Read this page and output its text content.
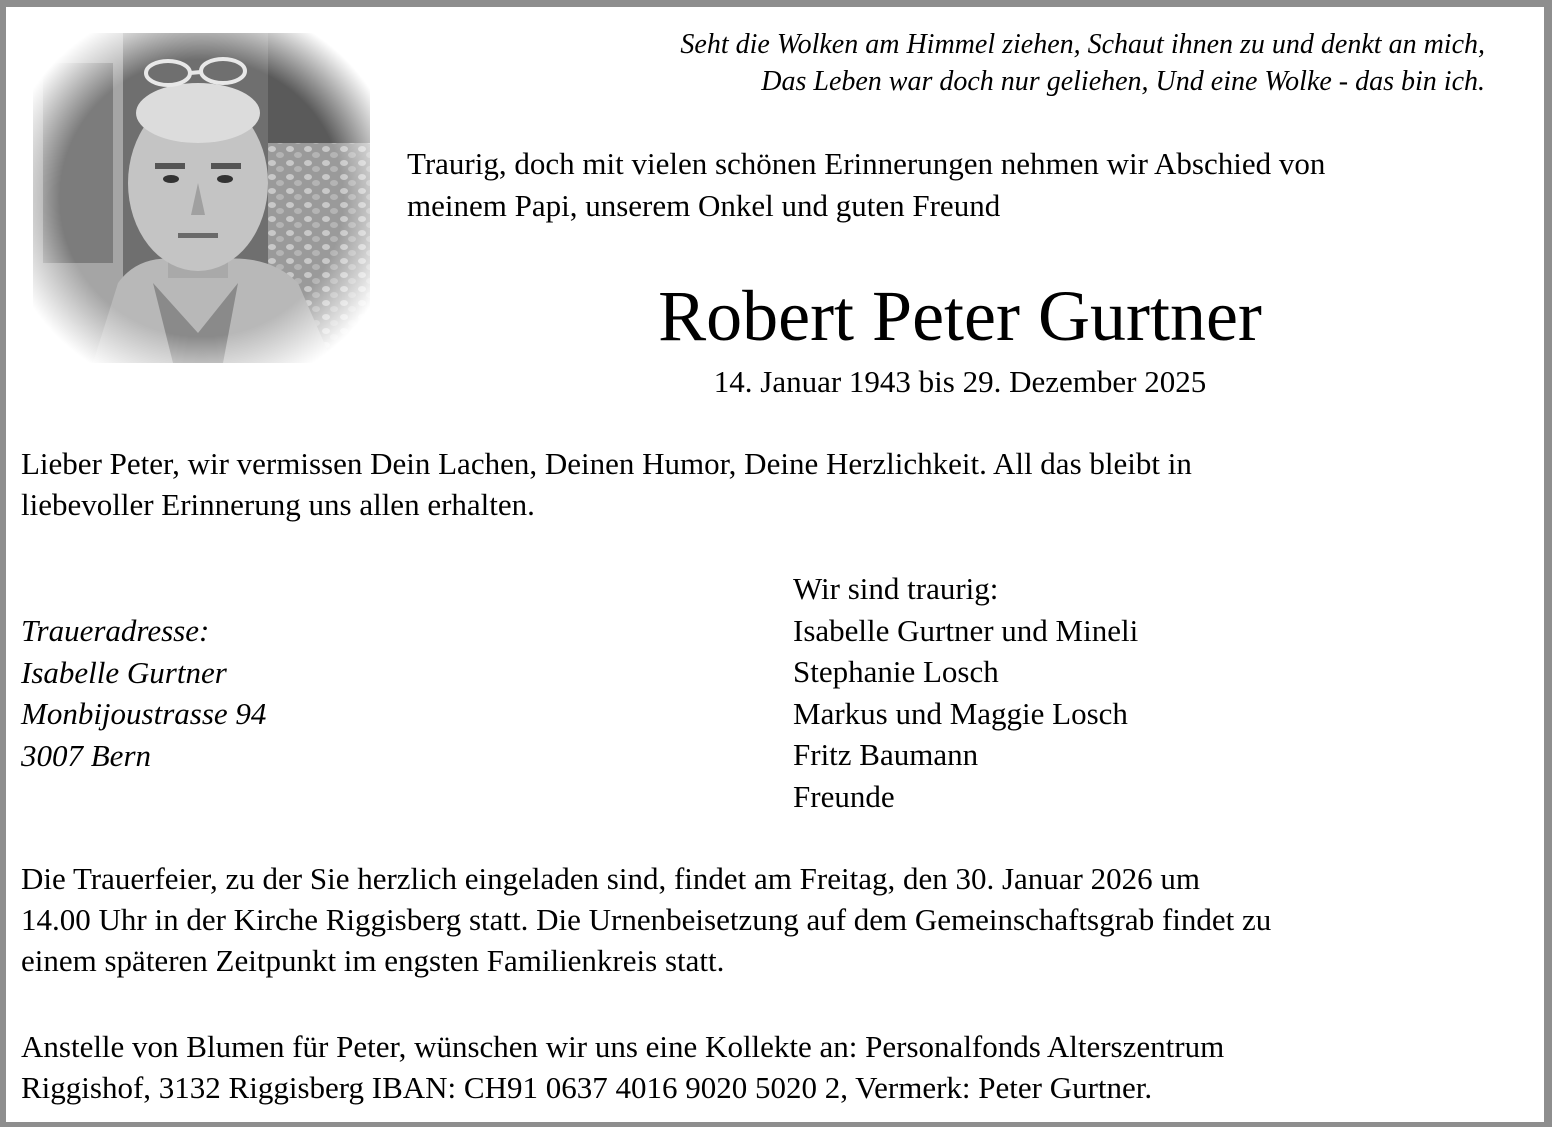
Seht die Wolken am Himmel ziehen, Schaut ihnen zu und denkt an mich,
Das Leben war doch nur geliehen, Und eine Wolke - das bin ich.
Traurig, doch mit vielen schönen Erinnerungen nehmen wir Abschied von
meinem Papi, unserem Onkel und guten Freund
Robert Peter Gurtner
14. Januar 1943 bis 29. Dezember 2025
Lieber Peter, wir vermissen Dein Lachen, Deinen Humor, Deine Herzlichkeit. All das bleibt in
liebevoller Erinnerung uns allen erhalten.
Traueradresse:
Isabelle Gurtner
Monbijoustrasse 94
3007 Bern
Wir sind traurig:
Isabelle Gurtner und Mineli
Stephanie Losch
Markus und Maggie Losch
Fritz Baumann
Freunde
Die Trauerfeier, zu der Sie herzlich eingeladen sind, findet am Freitag, den 30. Januar 2026 um
14.00 Uhr in der Kirche Riggisberg statt. Die Urnenbeisetzung auf dem Gemeinschaftsgrab findet zu
einem späteren Zeitpunkt im engsten Familienkreis statt.
Anstelle von Blumen für Peter, wünschen wir uns eine Kollekte an: Personalfonds Alterszentrum
Riggishof, 3132 Riggisberg IBAN: CH91 0637 4016 9020 5020 2, Vermerk: Peter Gurtner.
